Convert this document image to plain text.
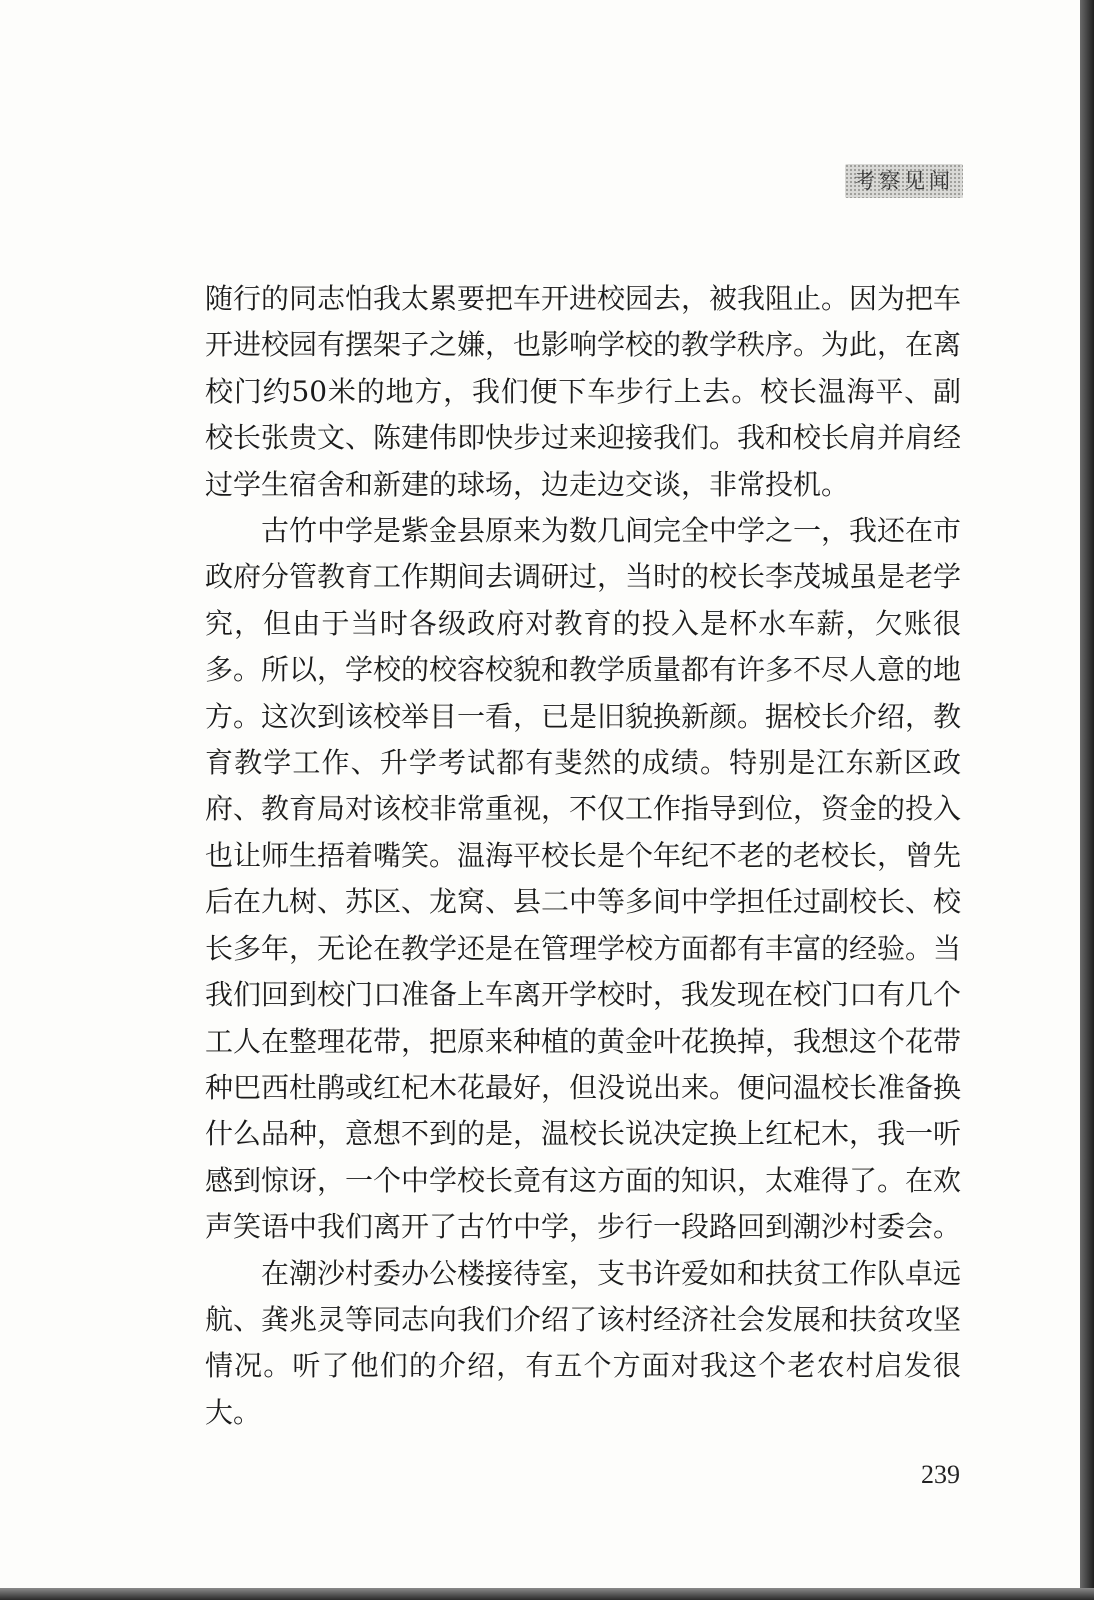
考察见闻

随行的同志怕我太累要把车开进校园去，被我阻止。因为把车开进校园有摆架子之嫌，也影响学校的教学秩序。为此，在离校门约50米的地方，我们便下车步行上去。校长温海平、副校长张贵文、陈建伟即快步过来迎接我们。我和校长肩并肩经过学生宿舍和新建的球场，边走边交谈，非常投机。

古竹中学是紫金县原来为数几间完全中学之一，我还在市政府分管教育工作期间去调研过，当时的校长李茂城虽是老学究，但由于当时各级政府对教育的投入是杯水车薪，欠账很多。所以，学校的校容校貌和教学质量都有许多不尽人意的地方。这次到该校举目一看，已是旧貌换新颜。据校长介绍，教育教学工作、升学考试都有斐然的成绩。特别是江东新区政府、教育局对该校非常重视，不仅工作指导到位，资金的投入也让师生捂着嘴笑。温海平校长是个年纪不老的老校长，曾先后在九树、苏区、龙窝、县二中等多间中学担任过副校长、校长多年，无论在教学还是在管理学校方面都有丰富的经验。当我们回到校门口准备上车离开学校时，我发现在校门口有几个工人在整理花带，把原来种植的黄金叶花换掉，我想这个花带种巴西杜鹃或红杞木花最好，但没说出来。便问温校长准备换什么品种，意想不到的是，温校长说决定换上红杞木，我一听感到惊讶，一个中学校长竟有这方面的知识，太难得了。在欢声笑语中我们离开了古竹中学，步行一段路回到潮沙村委会。

在潮沙村委办公楼接待室，支书许爱如和扶贫工作队卓远航、龚兆灵等同志向我们介绍了该村经济社会发展和扶贫攻坚情况。听了他们的介绍，有五个方面对我这个老农村启发很大。

239
